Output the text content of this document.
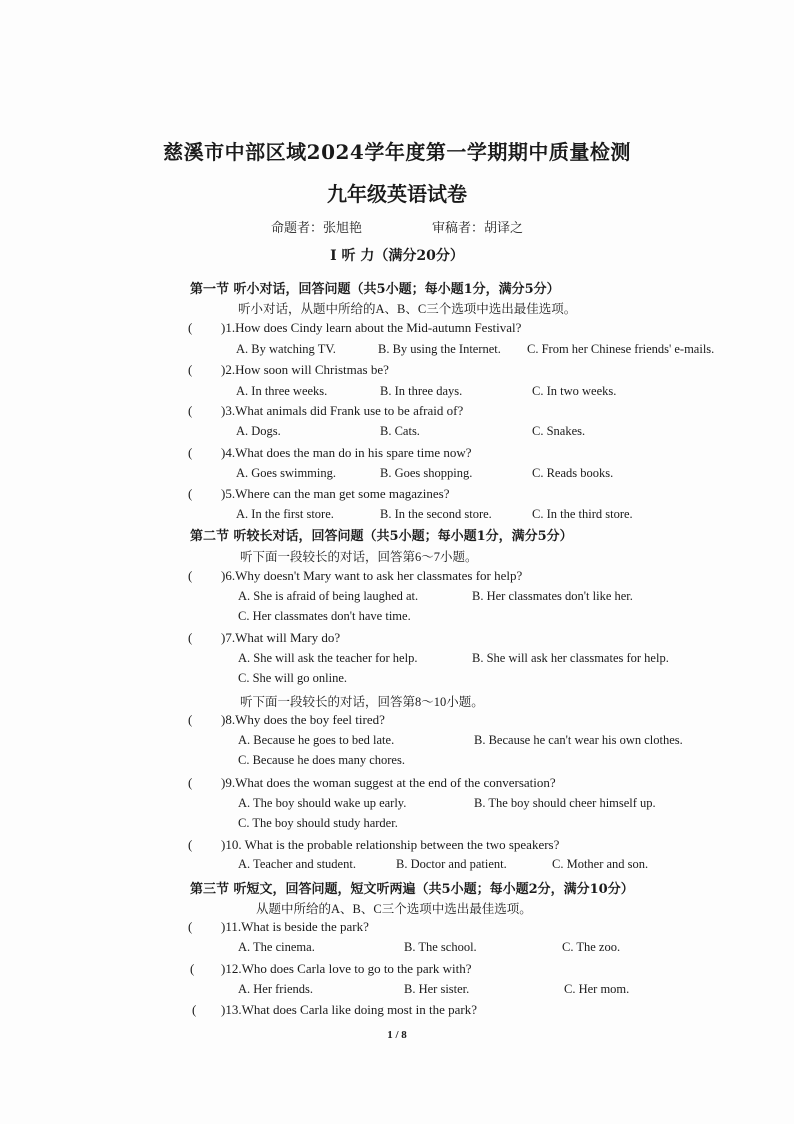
慈溪市中部区域2024学年度第一学期期中质量检测
九年级英语试卷
命题者：张旭艳	审稿者：胡译之
Ⅰ 听 力（满分20分）
第一节 听小对话，回答问题（共5小题；每小题1分，满分5分）
听小对话，从题中所给的A、B、C三个选项中选出最佳选项。
( )1.How does Cindy learn about the Mid-autumn Festival?
A. By watching TV.	B. By using the Internet. C. From her Chinese friends' e-mails.
( )2.How soon will Christmas be?
A. In three weeks.	B. In three days.	C. In two weeks.
( )3.What animals did Frank use to be afraid of?
A. Dogs.	B. Cats.	C. Snakes.
( )4.What does the man do in his spare time now?
A. Goes swimming.	B. Goes shopping.	C. Reads books.
( )5.Where can the man get some magazines?
A. In the first store.	B. In the second store.	C. In the third store.
第二节 听较长对话，回答问题（共5小题；每小题1分，满分5分）
听下面一段较长的对话，回答第6～7小题。
( )6.Why doesn't Mary want to ask her classmates for help?
A. She is afraid of being laughed at.	B. Her classmates don't like her.
C. Her classmates don't have time.
( )7.What will Mary do?
A. She will ask the teacher for help.	B. She will ask her classmates for help.
C. She will go online.
听下面一段较长的对话，回答第8～10小题。
( )8.Why does the boy feel tired?
A. Because he goes to bed late.	B. Because he can't wear his own clothes.
C. Because he does many chores.
( )9.What does the woman suggest at the end of the conversation?
A. The boy should wake up early.	B. The boy should cheer himself up.
C. The boy should study harder.
( )10. What is the probable relationship between the two speakers?
A. Teacher and student.	B. Doctor and patient.	C. Mother and son.
第三节 听短文，回答问题，短文听两遍（共5小题；每小题2分，满分10分）
从题中所给的A、B、C三个选项中选出最佳选项。
( )11.What is beside the park?
A. The cinema.	B. The school.	C. The zoo.
( )12.Who does Carla love to go to the park with?
A. Her friends.	B. Her sister.	C. Her mom.
( )13.What does Carla like doing most in the park?
1 / 8
